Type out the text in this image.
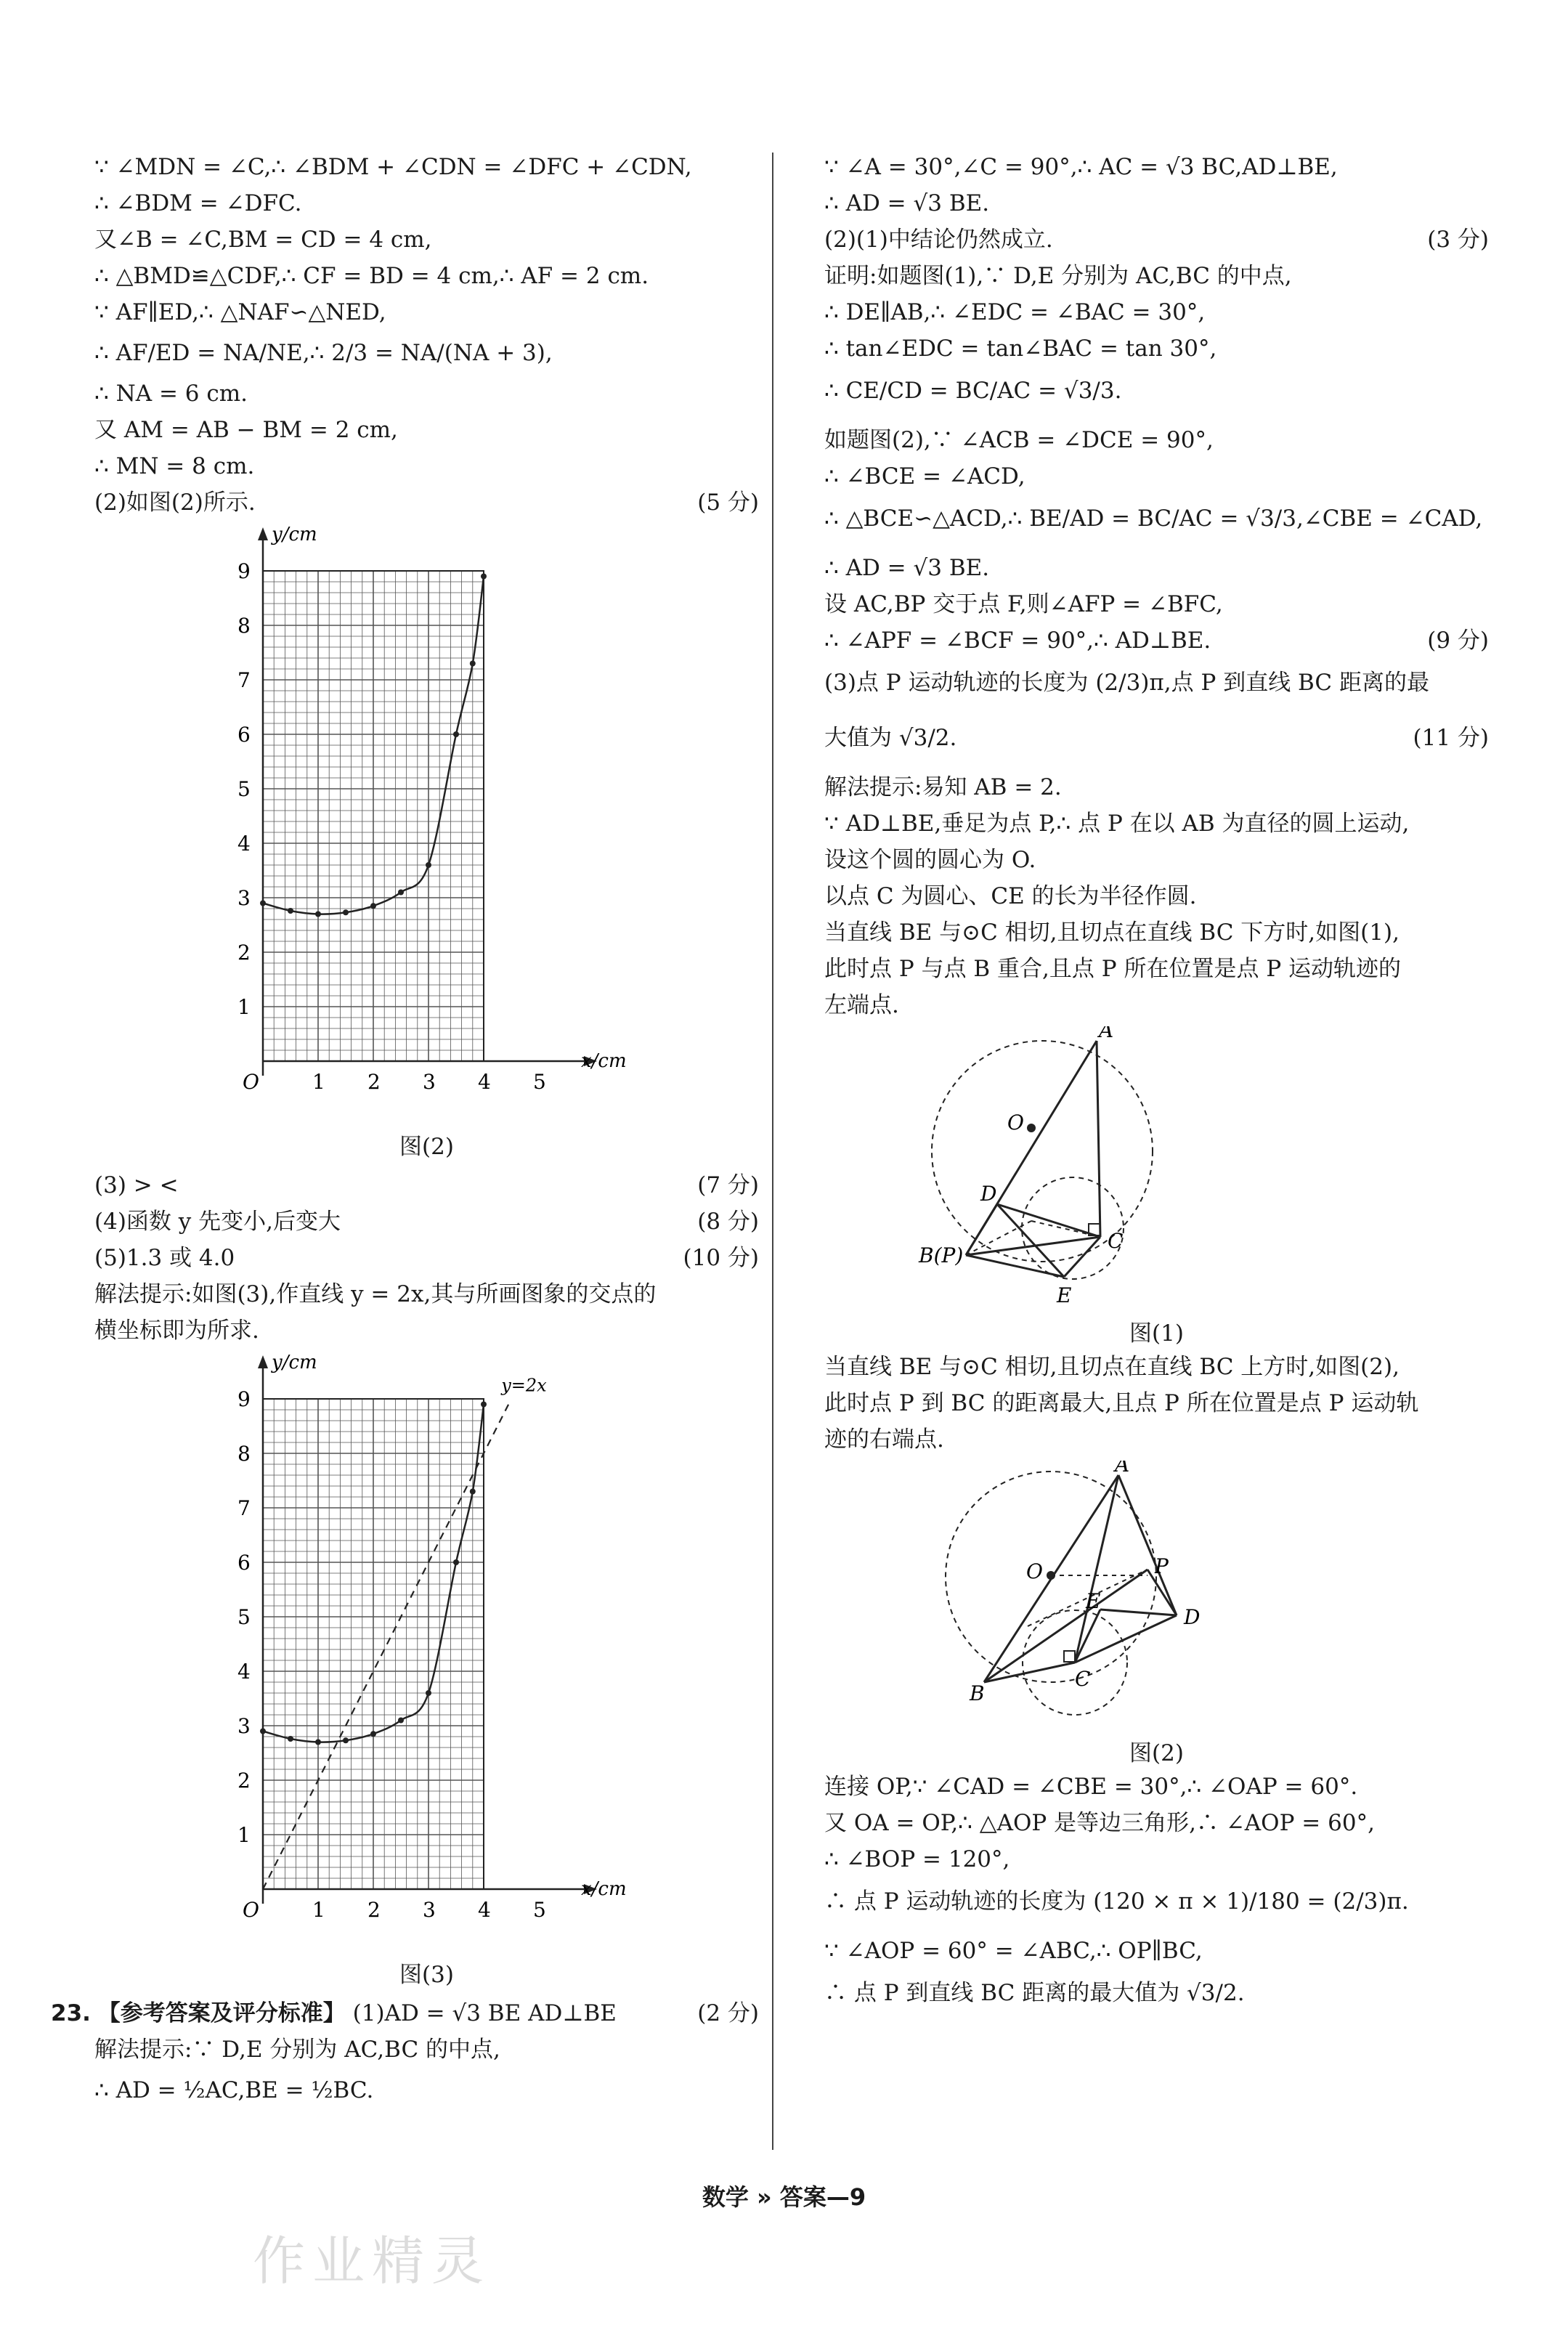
∵ ∠MDN = ∠C,∴ ∠BDM + ∠CDN = ∠DFC + ∠CDN,
∴ ∠BDM = ∠DFC.
又∠B = ∠C,BM = CD = 4 cm,
∴ △BMD≌△CDF,∴ CF = BD = 4 cm,∴ AF = 2 cm.
∵ AF∥ED,∴ △NAF∽△NED,
∴ AF/ED = NA/NE,∴ 2/3 = NA/(NA + 3),
∴ NA = 6 cm.
又 AM = AB − BM = 2 cm,
∴ MN = 8 cm.
(2)如图(2)所示.	(5 分)
y/cm
x/cm
O	1 2 3 4 5
1
2
3
4
5
6
7
8
9
图(2)
(3) > <	(7 分)
(4)函数 y 先变小,后变大	(8 分)
(5)1.3 或 4.0	(10 分)
解法提示:如图(3),作直线 y = 2x,其与所画图象的交点的
横坐标即为所求.
y/cm
x/cm
O	1 2 3 4 5
1
2
3
4
5
6
7
8
9
y=2x
图(3)
23. 【参考答案及评分标准】 (1)AD = √3 BE AD⊥BE	(2 分)
解法提示:∵ D,E 分别为 AC,BC 的中点,
∴ AD = ½AC,BE = ½BC.
∵ ∠A = 30°,∠C = 90°,∴ AC = √3 BC,AD⊥BE,
∴ AD = √3 BE.
(2)(1)中结论仍然成立.	(3 分)
证明:如题图(1),∵ D,E 分别为 AC,BC 的中点,
∴ DE∥AB,∴ ∠EDC = ∠BAC = 30°,
∴ tan∠EDC = tan∠BAC = tan 30°,
∴ CE/CD = BC/AC = √3/3.
如题图(2),∵ ∠ACB = ∠DCE = 90°,
∴ ∠BCE = ∠ACD,
∴ △BCE∽△ACD,∴ BE/AD = BC/AC = √3/3,∠CBE = ∠CAD,
∴ AD = √3 BE.
设 AC,BP 交于点 F,则∠AFP = ∠BFC,
∴ ∠APF = ∠BCF = 90°,∴ AD⊥BE.	(9 分)
(3)点 P 运动轨迹的长度为 (2/3)π,点 P 到直线 BC 距离的最
大值为 √3/2.	(11 分)
解法提示:易知 AB = 2.
∵ AD⊥BE,垂足为点 P,∴ 点 P 在以 AB 为直径的圆上运动,
设这个圆的圆心为 O.
以点 C 为圆心、CE 的长为半径作圆.
当直线 BE 与⊙C 相切,且切点在直线 BC 下方时,如图(1),
此时点 P 与点 B 重合,且点 P 所在位置是点 P 运动轨迹的
左端点.
A
O
D
B(P)
C
E
图(1)
当直线 BE 与⊙C 相切,且切点在直线 BC 上方时,如图(2),
此时点 P 到 BC 的距离最大,且点 P 所在位置是点 P 运动轨
迹的右端点.
A
O	P
E
D
B
C
图(2)
连接 OP,∵ ∠CAD = ∠CBE = 30°,∴ ∠OAP = 60°.
又 OA = OP,∴ △AOP 是等边三角形,∴ ∠AOP = 60°,
∴ ∠BOP = 120°,
∴ 点 P 运动轨迹的长度为 (120 × π × 1)/180 = (2/3)π.
∵ ∠AOP = 60° = ∠ABC,∴ OP∥BC,
∴ 点 P 到直线 BC 距离的最大值为 √3/2.
数学 » 答案—9
作业精灵
